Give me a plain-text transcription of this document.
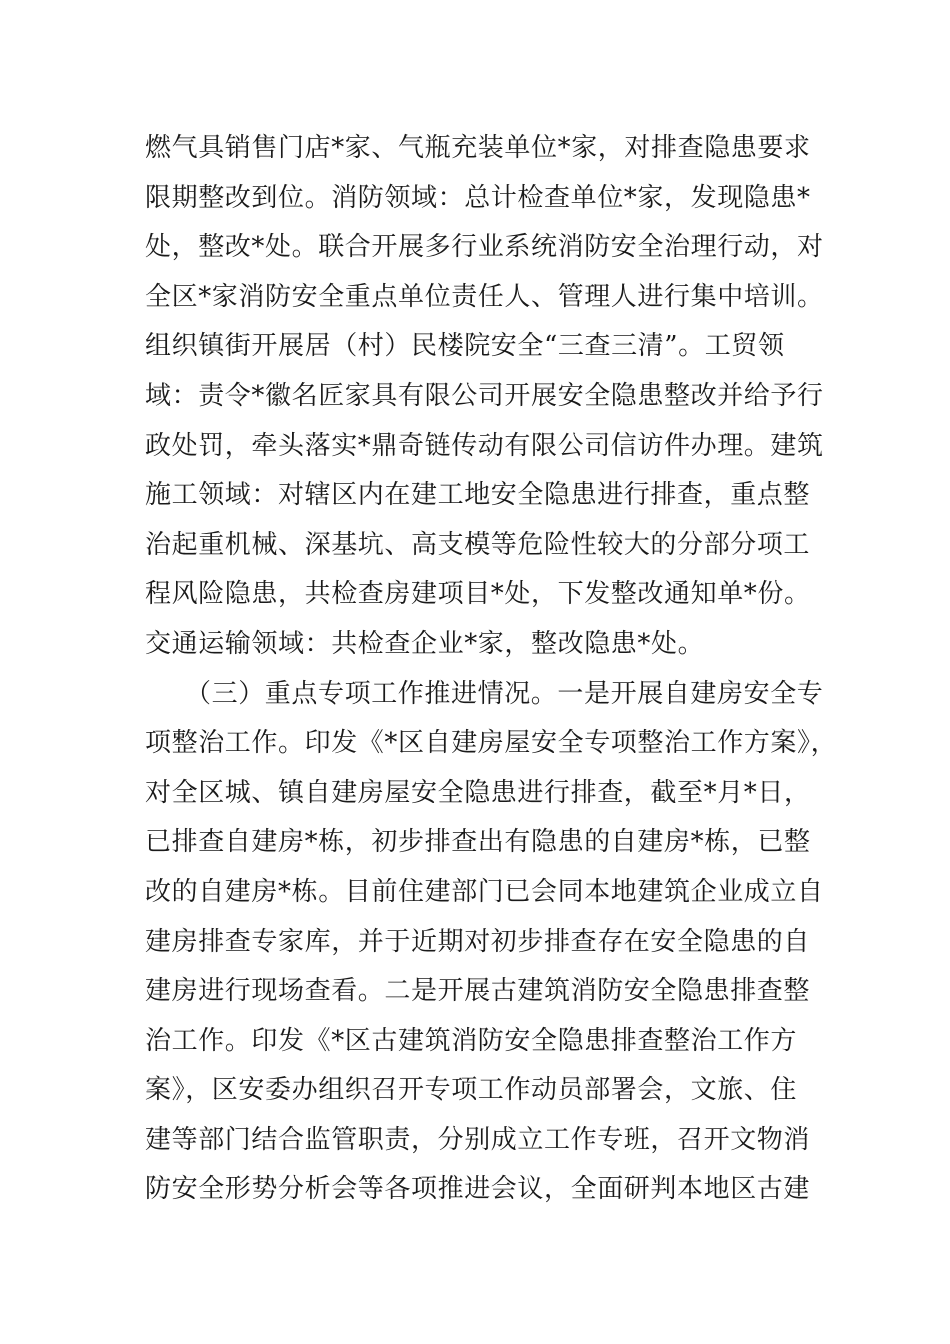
燃气具销售门店*家、气瓶充装单位*家，对排查隐患要求
限期整改到位。消防领域：总计检查单位*家，发现隐患*
处，整改*处。联合开展多行业系统消防安全治理行动，对
全区*家消防安全重点单位责任人、管理人进行集中培训。
组织镇街开展居（村）民楼院安全“三查三清”。工贸领
域：责令*徽名匠家具有限公司开展安全隐患整改并给予行
政处罚，牵头落实*鼎奇链传动有限公司信访件办理。建筑
施工领域：对辖区内在建工地安全隐患进行排查，重点整
治起重机械、深基坑、高支模等危险性较大的分部分项工
程风险隐患，共检查房建项目*处，下发整改通知单*份。
交通运输领域：共检查企业*家，整改隐患*处。
（三）重点专项工作推进情况。一是开展自建房安全专
项整治工作。印发《*区自建房屋安全专项整治工作方案》，
对全区城、镇自建房屋安全隐患进行排查，截至*月*日，
已排查自建房*栋，初步排查出有隐患的自建房*栋，已整
改的自建房*栋。目前住建部门已会同本地建筑企业成立自
建房排查专家库，并于近期对初步排查存在安全隐患的自
建房进行现场查看。二是开展古建筑消防安全隐患排查整
治工作。印发《*区古建筑消防安全隐患排查整治工作方
案》，区安委办组织召开专项工作动员部署会，文旅、住
建等部门结合监管职责，分别成立工作专班，召开文物消
防安全形势分析会等各项推进会议，全面研判本地区古建
